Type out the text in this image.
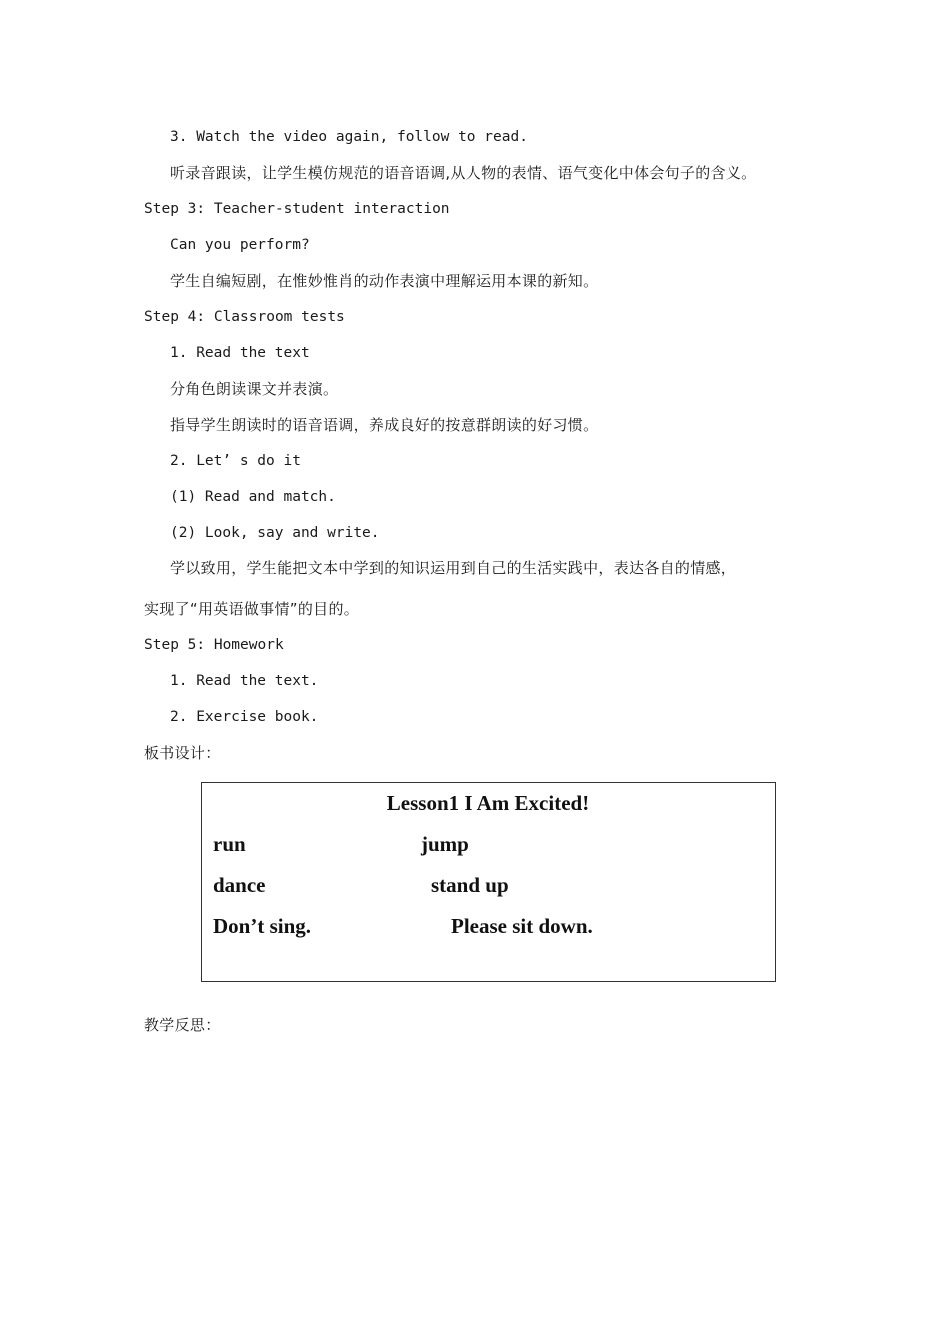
3. Watch the video again, follow to read.
听录音跟读，让学生模仿规范的语音语调,从人物的表情、语气变化中体会句子的含义。
Step 3: Teacher-student interaction
Can you perform?
学生自编短剧，在惟妙惟肖的动作表演中理解运用本课的新知。
Step 4: Classroom tests
1. Read the text
分角色朗读课文并表演。
指导学生朗读时的语音语调，养成良好的按意群朗读的好习惯。
2. Let’ s do it
(1) Read and match.
(2) Look, say and write.
学以致用，学生能把文本中学到的知识运用到自己的生活实践中，表达各自的情感，
实现了“用英语做事情”的目的。
Step 5: Homework
1. Read the text.
2. Exercise book.
板书设计：
Lesson1 I Am Excited!
run	jump
dance	stand up
Don’t sing.	Please sit down.
教学反思：
